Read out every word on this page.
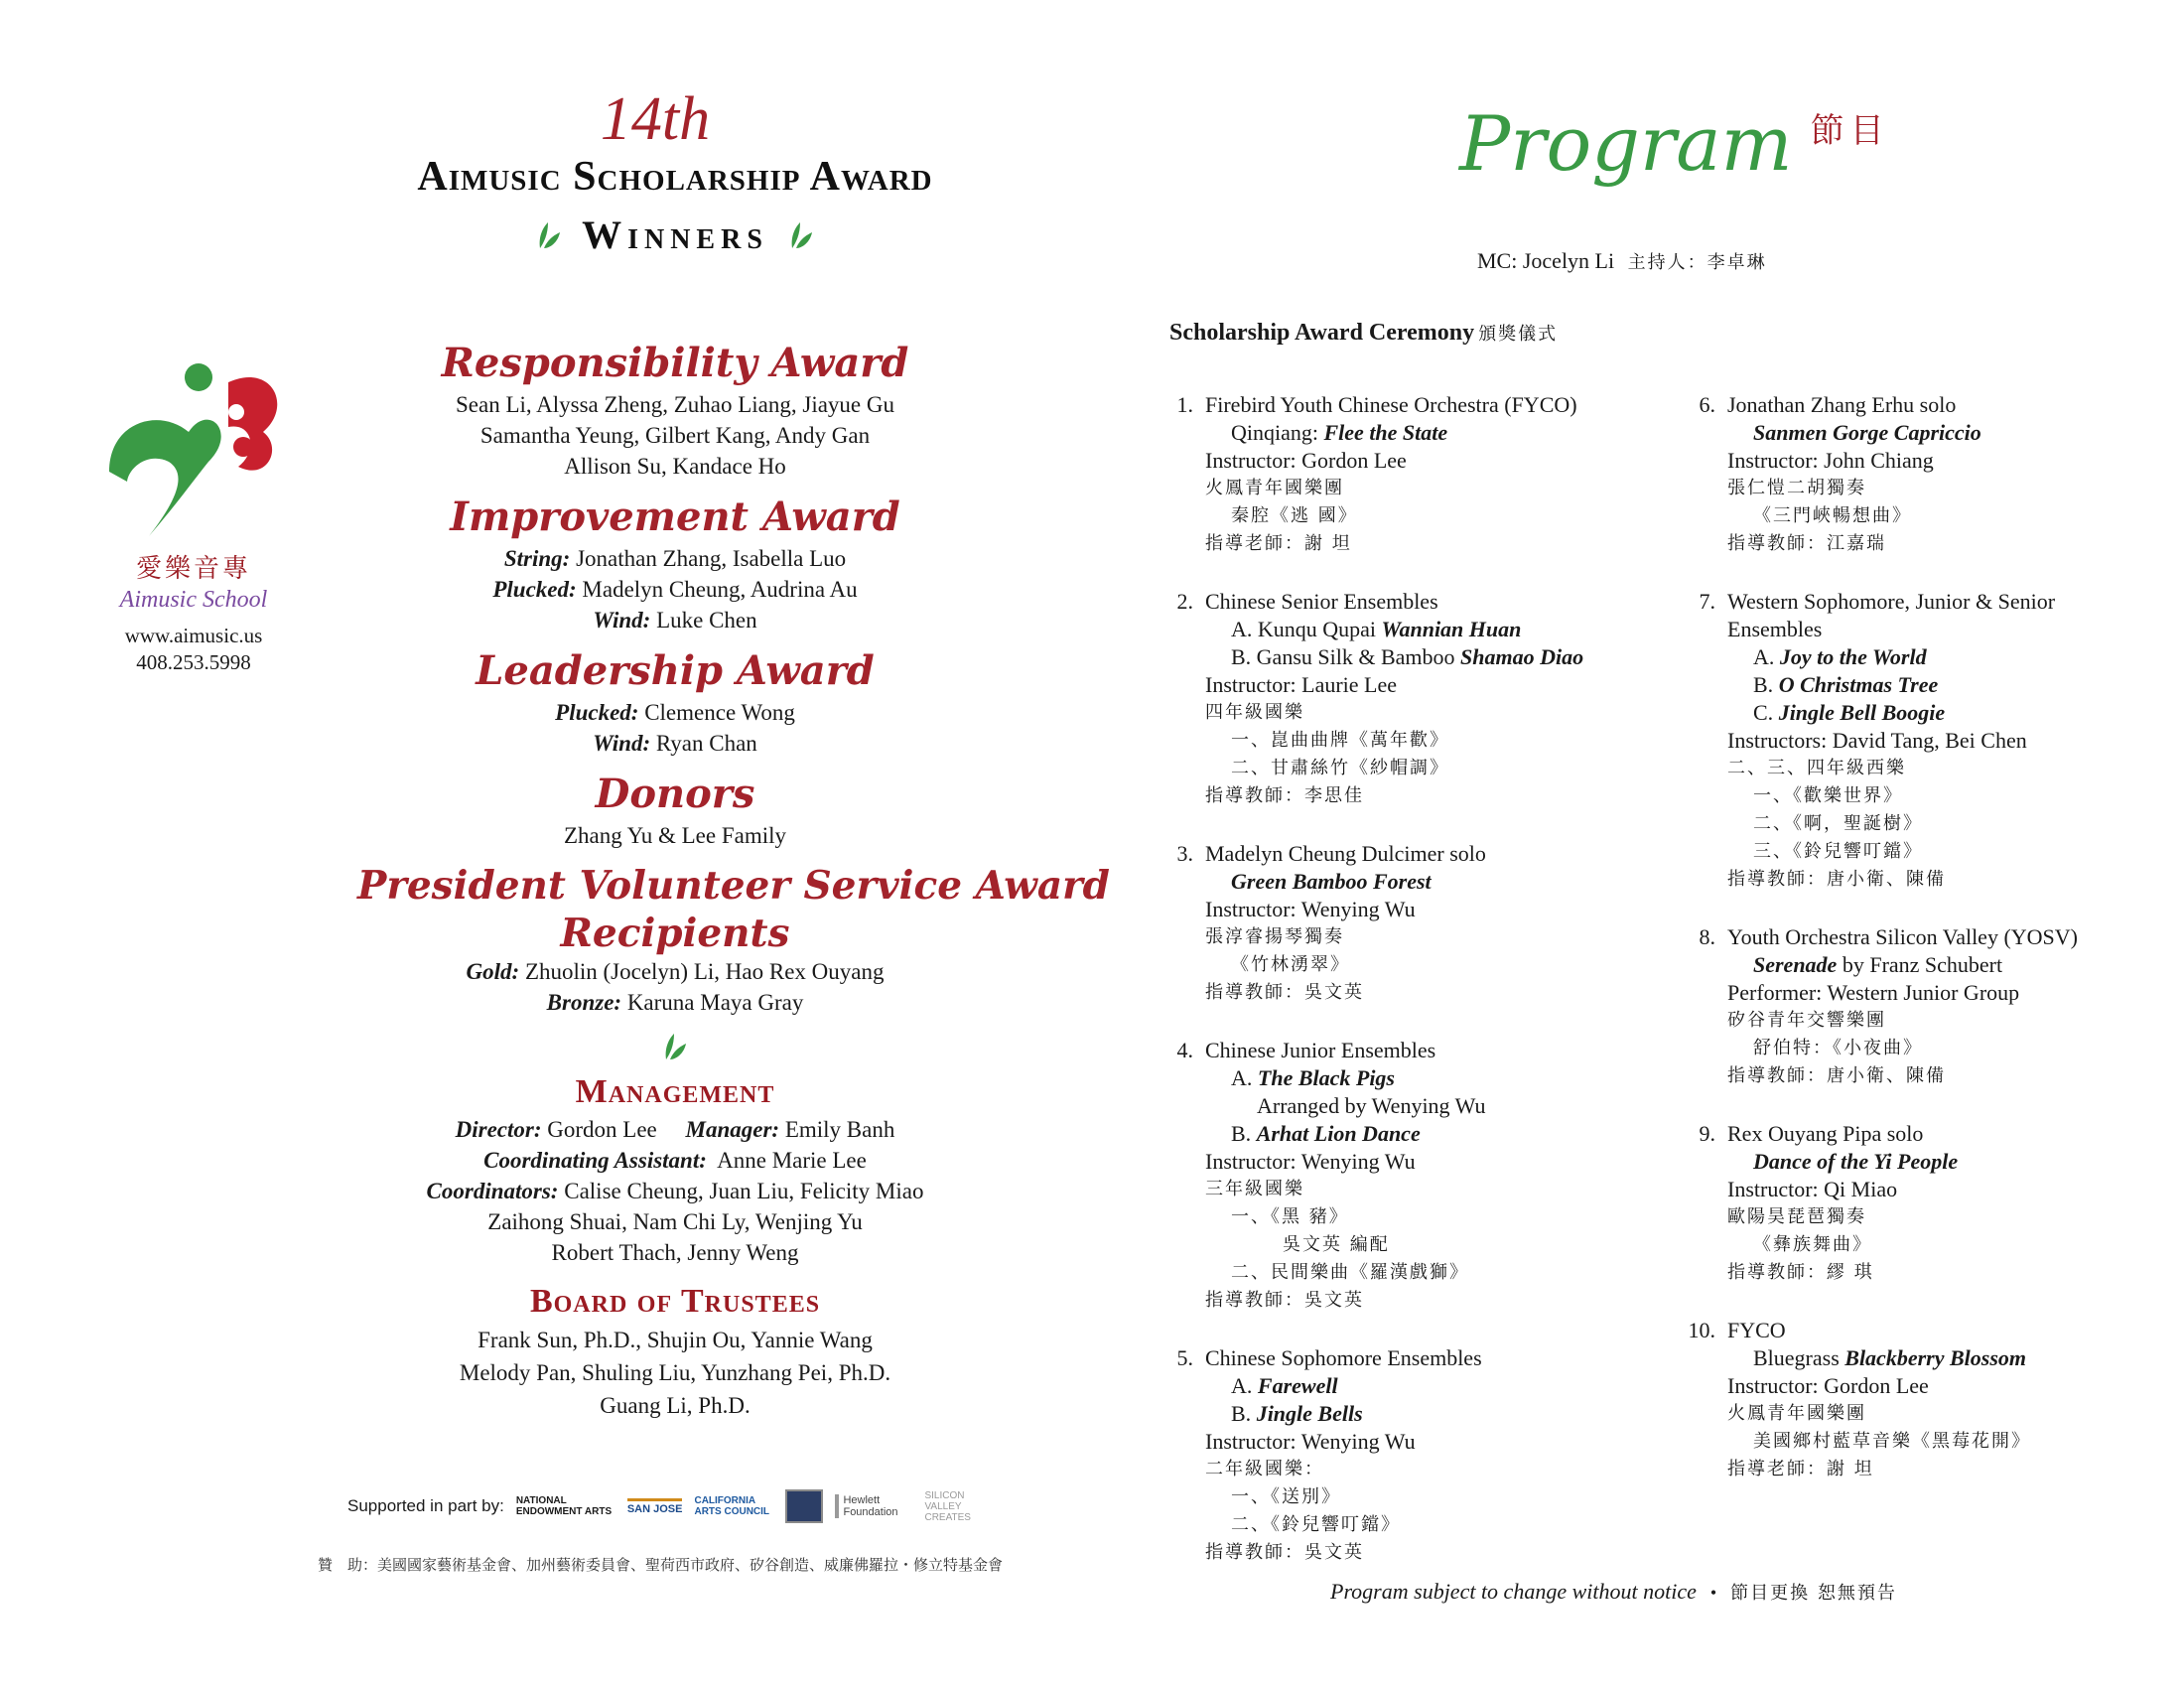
愛樂音專
Aimusic School
www.aimusic.us
408.253.5998
14th
Aimusic Scholarship Award
Winners
Responsibility Award
Sean Li, Alyssa Zheng, Zuhao Liang, Jiayue Gu
Samantha Yeung, Gilbert Kang, Andy Gan
Allison Su, Kandace Ho
Improvement Award
String: Jonathan Zhang, Isabella Luo
Plucked: Madelyn Cheung, Audrina Au
Wind: Luke Chen
Leadership Award
Plucked: Clemence Wong
Wind: Ryan Chan
Donors
Zhang Yu & Lee Family
President Volunteer Service Award
Recipients
Gold: Zhuolin (Jocelyn) Li, Hao Rex Ouyang
Bronze: Karuna Maya Gray
Management
Director: Gordon Lee Manager: Emily Banh
Coordinating Assistant: Anne Marie Lee
Coordinators: Calise Cheung, Juan Liu, Felicity Miao
Zaihong Shuai, Nam Chi Ly, Wenjing Yu
Robert Thach, Jenny Weng
Board of Trustees
Frank Sun, Ph.D., Shujin Ou, Yannie Wang
Melody Pan, Shuling Liu, Yunzhang Pei, Ph.D.
Guang Li, Ph.D.
Supported in part by: NATIONAL ENDOWMENT ARTS	SAN JOSE
CALIFORNIA ARTS COUNCIL
Hewlett Foundation
SILICON VALLEY CREATES
贊　助：美國國家藝術基金會、加州藝術委員會、聖荷西市政府、矽谷創造、威廉佛羅拉・修立特基金會
Program 節目
MC: Jocelyn Li 主持人：李卓琳
Scholarship Award Ceremony 頒獎儀式
1. Firebird Youth Chinese Orchestra (FYCO)
Qinqiang: Flee the State
Instructor: Gordon Lee
火鳳青年國樂團
秦腔《逃 國》
指導老師：謝 坦
2. Chinese Senior Ensembles
A. Kunqu Qupai Wannian Huan
B. Gansu Silk & Bamboo Shamao Diao
Instructor: Laurie Lee
四年級國樂
一、崑曲曲牌《萬年歡》
二、甘肅絲竹《紗帽調》
指導教師：李思佳
3. Madelyn Cheung Dulcimer solo
Green Bamboo Forest
Instructor: Wenying Wu
張淳睿揚琴獨奏
《竹林湧翠》
指導教師：吳文英
4. Chinese Junior Ensembles
A. The Black Pigs
Arranged by Wenying Wu
B. Arhat Lion Dance
Instructor: Wenying Wu
三年級國樂
一、《黑 豬》
吳文英 編配
二、民間樂曲《羅漢戲獅》
指導教師：吳文英
5. Chinese Sophomore Ensembles
A. Farewell
B. Jingle Bells
Instructor: Wenying Wu
二年級國樂：
一、《送別》
二、《鈴兒響叮鐺》
指導教師：吳文英
6. Jonathan Zhang Erhu solo
Sanmen Gorge Capriccio
Instructor: John Chiang
張仁愷二胡獨奏
《三門峽暢想曲》
指導教師：江嘉瑞
7. Western Sophomore, Junior & Senior
Ensembles
A. Joy to the World
B. O Christmas Tree
C. Jingle Bell Boogie
Instructors: David Tang, Bei Chen
二、三、四年級西樂
一、《歡樂世界》
二、《啊，聖誕樹》
三、《鈴兒響叮鐺》
指導教師：唐小衛、陳備
8. Youth Orchestra Silicon Valley (YOSV)
Serenade by Franz Schubert
Performer: Western Junior Group
矽谷青年交響樂團
舒伯特：《小夜曲》
指導教師：唐小衛、陳備
9. Rex Ouyang Pipa solo
Dance of the Yi People
Instructor: Qi Miao
歐陽昊琵琶獨奏
《彝族舞曲》
指導教師：繆 琪
10. FYCO
Bluegrass Blackberry Blossom
Instructor: Gordon Lee
火鳳青年國樂團
美國鄉村藍草音樂《黑莓花開》
指導老師：謝 坦
Program subject to change without notice • 節目更換 恕無預告
